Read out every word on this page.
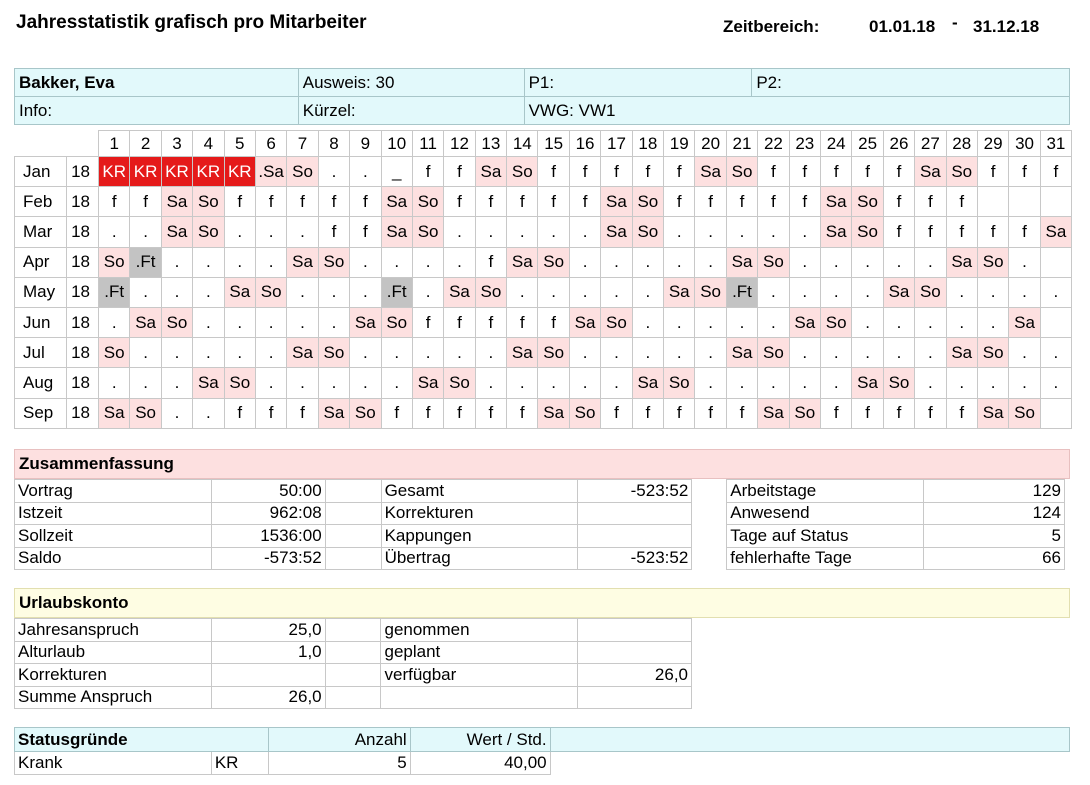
Jahresstatistik grafisch pro Mitarbeiter	Zeitbereich:	01.01.18 - 31.12.18
Bakker, Eva	Ausweis: 30	P1:	P2:
Info:	Kürzel:	VWG: VW1	
		1	2	3	4	5	6	7	8	9	10	11	12	13	14	15	16	17	18	19	20	21	22	23	24	25	26	27	28	29	30	31
Jan	18	KR	KR	KR	KR	KR	.Sa	So	.	.	_	f	f	Sa	So	f	f	f	f	f	Sa	So	f	f	f	f	f	Sa	So	f	f	f
Feb	18	f	f	Sa	So	f	f	f	f	f	Sa	So	f	f	f	f	f	Sa	So	f	f	f	f	f	Sa	So	f	f	f			
Mar	18	.	.	Sa	So	.	.	.	f	f	Sa	So	.	.	.	.	.	Sa	So	.	.	.	.	.	Sa	So	f	f	f	f	f	Sa
Apr	18	So	.Ft	.	.	.	.	Sa	So	.	.	.	.	f	Sa	So	.	.	.	.	.	Sa	So	.	.	.	.	.	Sa	So	.	
May	18	.Ft	.	.	.	Sa	So	.	.	.	.Ft	.	Sa	So	.	.	.	.	.	Sa	So	.Ft	.	.	.	.	Sa	So	.	.	.	.
Jun	18	.	Sa	So	.	.	.	.	.	Sa	So	f	f	f	f	f	Sa	So	.	.	.	.	.	Sa	So	.	.	.	.	.	Sa	
Jul	18	So	.	.	.	.	.	Sa	So	.	.	.	.	.	Sa	So	.	.	.	.	.	Sa	So	.	.	.	.	.	Sa	So	.	.
Aug	18	.	.	.	Sa	So	.	.	.	.	.	Sa	So	.	.	.	.	.	Sa	So	.	.	.	.	.	Sa	So	.	.	.	.	.
Sep	18	Sa	So	.	.	f	f	f	Sa	So	f	f	f	f	f	Sa	So	f	f	f	f	f	Sa	So	f	f	f	f	f	Sa	So	
Zusammenfassung
Vortrag	50:00		Gesamt	-523:52		Arbeitstage	129
Istzeit	962:08		Korrekturen			Anwesend	124
Sollzeit	1536:00		Kappungen			Tage auf Status	5
Saldo	-573:52		Übertrag	-523:52		fehlerhafte Tage	66
Urlaubskonto
Jahresanspruch	25,0		genommen	
Alturlaub	1,0		geplant	
Korrekturen			verfügbar	26,0
Summe Anspruch	26,0			
Statusgründe		Anzahl	Wert / Std.	
Krank	KR	5	40,00	
